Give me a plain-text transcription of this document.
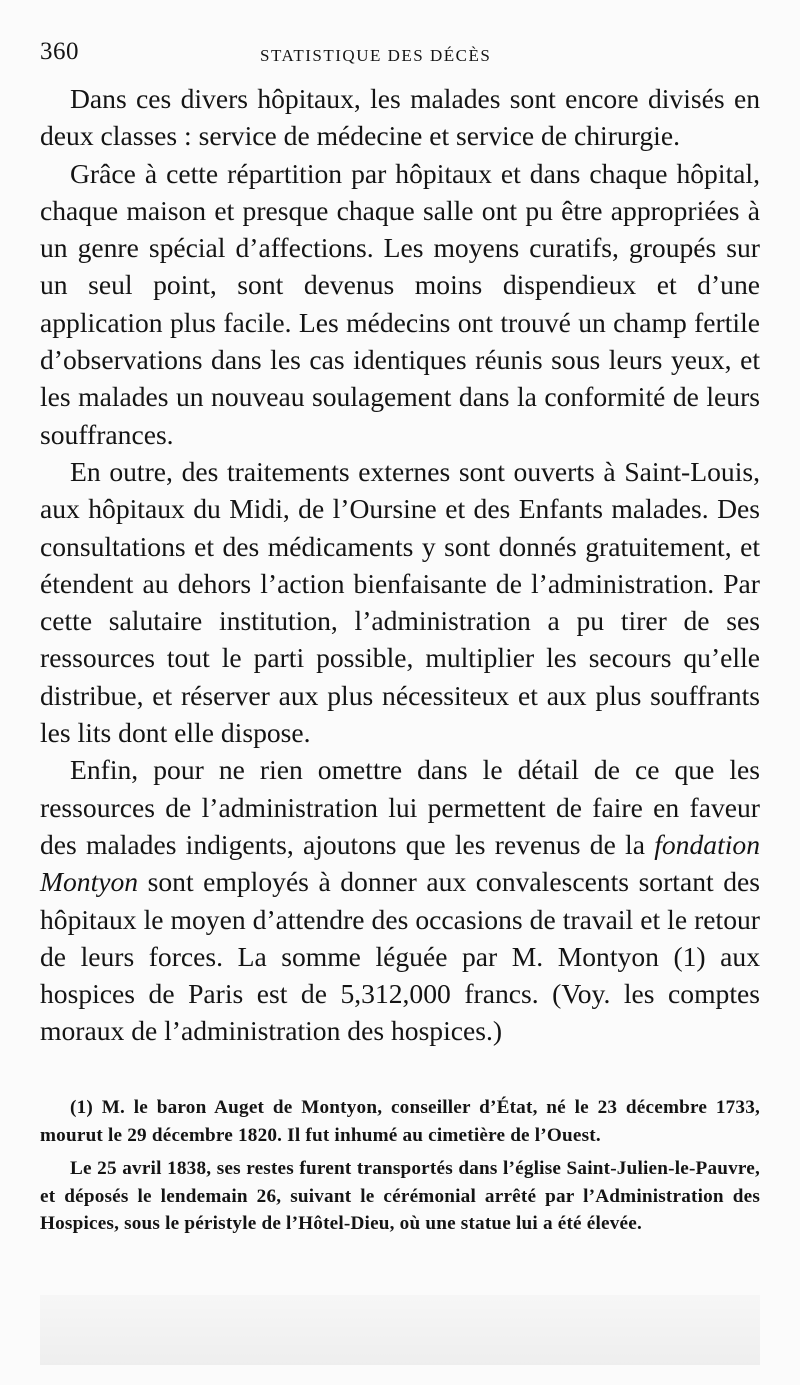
360	STATISTIQUE DES DÉCÈS

Dans ces divers hôpitaux, les malades sont encore divisés en deux classes : service de médecine et service de chirurgie.

Grâce à cette répartition par hôpitaux et dans chaque hôpital, chaque maison et presque chaque salle ont pu être appropriées à un genre spécial d’affections. Les moyens curatifs, groupés sur un seul point, sont devenus moins dispendieux et d’une application plus facile. Les médecins ont trouvé un champ fertile d’observations dans les cas identiques réunis sous leurs yeux, et les malades un nouveau soulagement dans la conformité de leurs souffrances.

En outre, des traitements externes sont ouverts à Saint-Louis, aux hôpitaux du Midi, de l’Oursine et des Enfants malades. Des consultations et des médicaments y sont donnés gratuitement, et étendent au dehors l’action bienfaisante de l’administration. Par cette salutaire institution, l’administration a pu tirer de ses ressources tout le parti possible, multiplier les secours qu’elle distribue, et réserver aux plus nécessiteux et aux plus souffrants les lits dont elle dispose.

Enfin, pour ne rien omettre dans le détail de ce que les ressources de l’administration lui permettent de faire en faveur des malades indigents, ajoutons que les revenus de la fondation Montyon sont employés à donner aux convalescents sortant des hôpitaux le moyen d’attendre des occasions de travail et le retour de leurs forces. La somme léguée par M. Montyon (1) aux hospices de Paris est de 5,312,000 francs. (Voy. les comptes moraux de l’administration des hospices.)

(1) M. le baron Auget de Montyon, conseiller d’État, né le 23 décembre 1733, mourut le 29 décembre 1820. Il fut inhumé au cimetière de l’Ouest.

Le 25 avril 1838, ses restes furent transportés dans l’église Saint-Julien-le-Pauvre, et déposés le lendemain 26, suivant le cérémonial arrêté par l’Administration des Hospices, sous le péristyle de l’Hôtel-Dieu, où une statue lui a été élevée.
